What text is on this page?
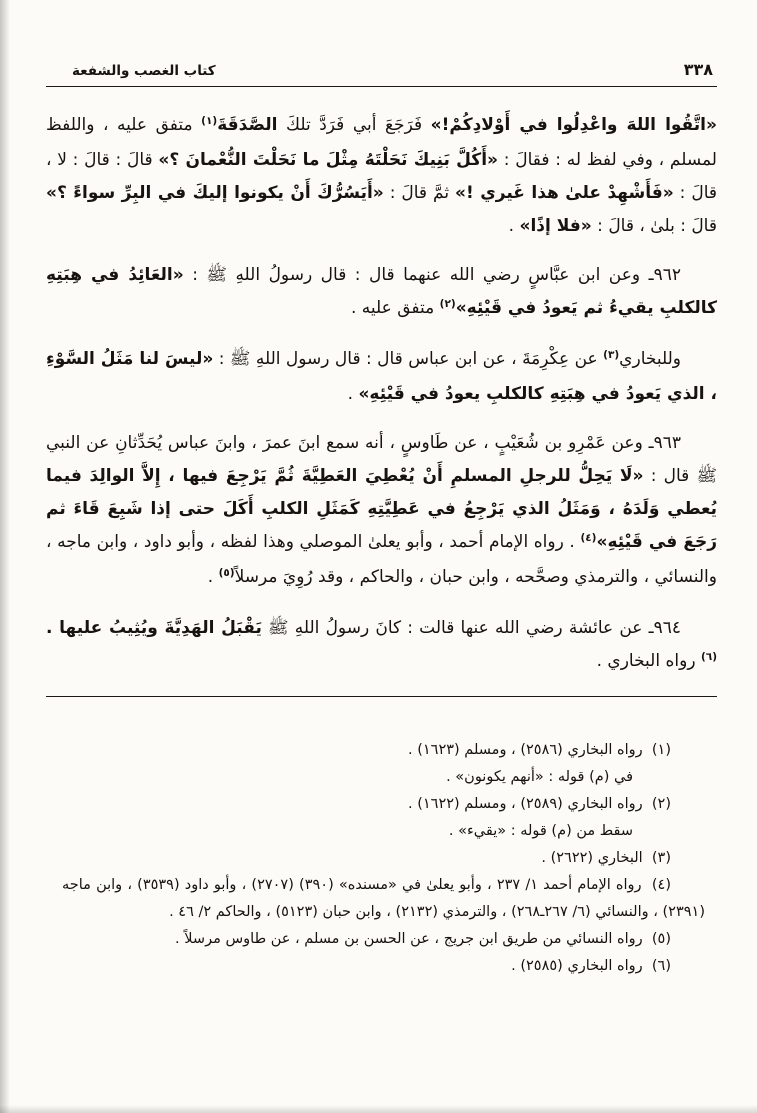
٣٣٨
كتاب الغصب والشفعة

«اتَّقُوا اللهَ واعْدِلُوا في أَوْلادِكُمْ!» فَرَجَعَ أبي فَرَدَّ تلكَ الصَّدَقَةَ$^{(١)}$ متفق عليه ، واللفظ لمسلم ، وفي لفظ له : فقالَ : «أَكُلَّ بَنِيكَ نَحَلْتَهُ مِثْلَ ما نَحَلْتَ النُّعْمانَ ؟» قالَ : قالَ : لا ، قالَ : «فَأَشْهِدْ علىٰ هذا غَيري !» ثمَّ قالَ : «أَيَسُرُّكَ أَنْ يكونوا إليكَ في البِرِّ سواءً ؟» قالَ : بلىٰ ، قالَ : «فلا إذًا» .

٩٦٢ـ وعن ابن عبَّاسٍ رضي الله عنهما قال : قال رسولُ اللهِ ﷺ : «العَائِدُ في هِبَتِهِ كالكلبِ يقيءُ ثم يَعودُ في قَيْئِهِ»$^{(٢)}$ متفق عليه .

وللبخاري$^{(٣)}$ عن عِكْرِمَةَ ، عن ابن عباس قال : قال رسول اللهِ ﷺ : «ليسَ لنا مَثَلُ السَّوْءِ ، الذي يَعودُ في هِبَتِهِ كالكلبِ يعودُ في قَيْئِهِ» .

٩٦٣ـ وعن عَمْرِو بن شُعَيْبٍ ، عن طَاوسٍ ، أنه سمع ابنَ عمرَ ، وابنَ عباس يُحَدِّثانِ عن النبي ﷺ قال : «لَا يَحِلُّ للرجلِ المسلمِ أَنْ يُعْطِيَ العَطِيَّةَ ثُمَّ يَرْجِعَ فيها ، إِلاَّ الوالِدَ فيما يُعطي وَلَدَهُ ، وَمَثَلُ الذي يَرْجِعُ في عَطِيَّتِهِ كَمَثَلِ الكلبِ أَكَلَ حتى إذا شَبِعَ قَاءَ ثم رَجَعَ في قَيْئِهِ»$^{(٤)}$ . رواه الإمام أحمد ، وأبو يعلىٰ الموصلي وهذا لفظه ، وأبو داود ، وابن ماجه ، والنسائي ، والترمذي وصحَّحه ، وابن حبان ، والحاكم ، وقد رُوِيَ مرسلاً$^{(٥)}$ .

٩٦٤ـ عن عائشة رضي الله عنها قالت : كانَ رسولُ اللهِ ﷺ يَقْبَلُ الهَدِيَّةَ ويُثِيبُ عليها .$^{(٦)}$ رواه البخاري .

(١)رواه البخاري (٢٥٨٦) ، ومسلم (١٦٢٣) .
في (م) قوله : «أنهم يكونون» .
(٢)رواه البخاري (٢٥٨٩) ، ومسلم (١٦٢٢) .
سقط من (م) قوله : «يقيء» .
(٣)البخاري (٢٦٢٢) .
(٤)رواه الإمام أحمد ١/ ٢٣٧ ، وأبو يعلىٰ في «مسنده» (٣٩٠) (٢٧٠٧) ، وأبو داود (٣٥٣٩) ، وابن ماجه (٢٣٩١) ، والنسائي (٦/ ٢٦٧ـ٢٦٨) ، والترمذي (٢١٣٢) ، وابن حبان (٥١٢٣) ، والحاكم ٢/ ٤٦ .
(٥)رواه النسائي من طريق ابن جريج ، عن الحسن بن مسلم ، عن طاوس مرسلاً .
(٦)رواه البخاري (٢٥٨٥) .
